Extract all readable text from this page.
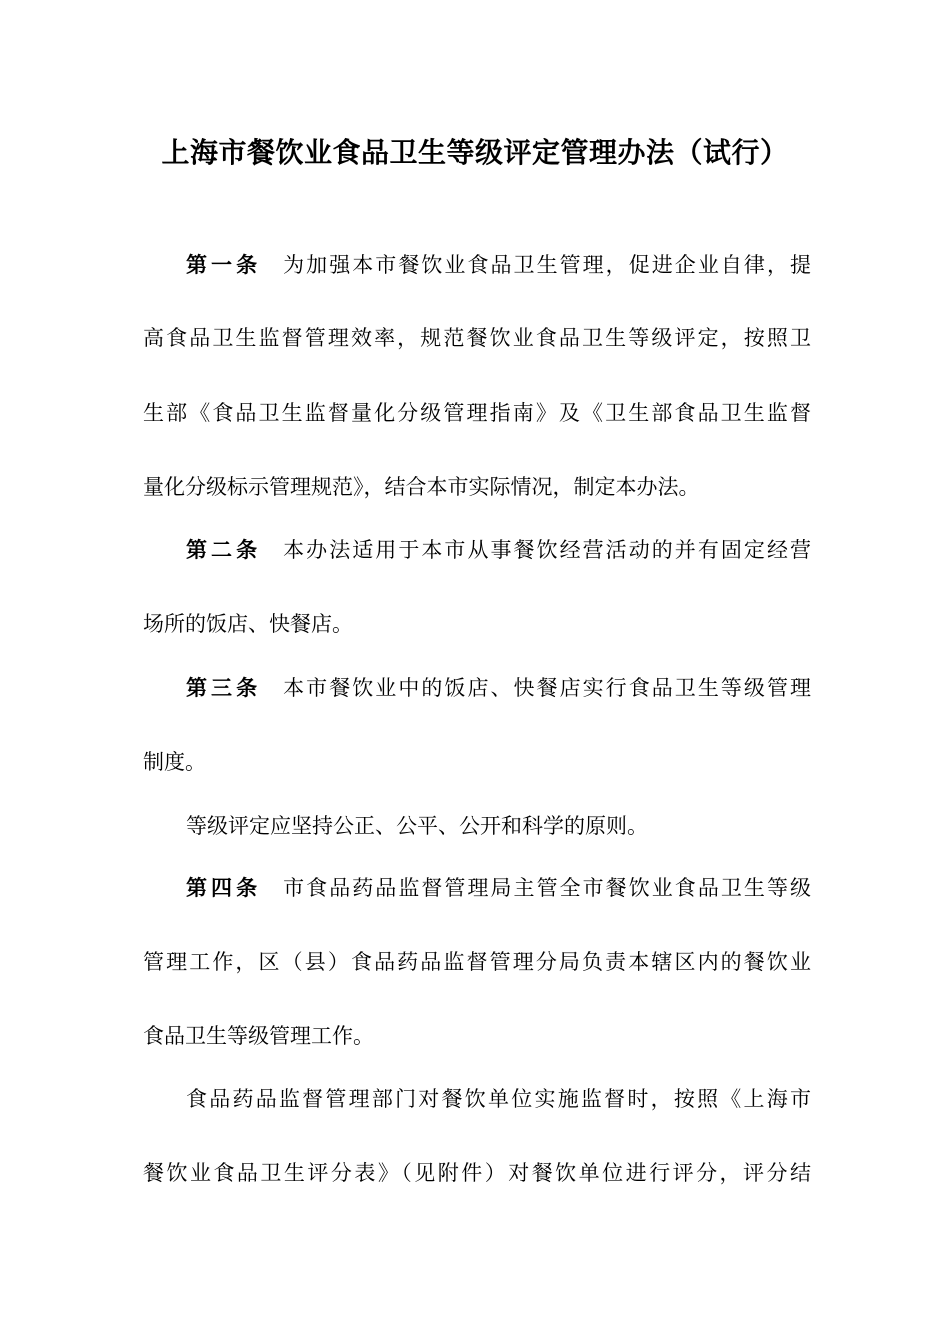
上海市餐饮业食品卫生等级评定管理办法（试行）

第一条 为加强本市餐饮业食品卫生管理，促进企业自律，提

高食品卫生监督管理效率，规范餐饮业食品卫生等级评定，按照卫

生部《食品卫生监督量化分级管理指南》及《卫生部食品卫生监督

量化分级标示管理规范》，结合本市实际情况，制定本办法。

第二条 本办法适用于本市从事餐饮经营活动的并有固定经营

场所的饭店、快餐店。

第三条 本市餐饮业中的饭店、快餐店实行食品卫生等级管理

制度。

等级评定应坚持公正、公平、公开和科学的原则。

第四条 市食品药品监督管理局主管全市餐饮业食品卫生等级

管理工作，区（县）食品药品监督管理分局负责本辖区内的餐饮业

食品卫生等级管理工作。

食品药品监督管理部门对餐饮单位实施监督时，按照《上海市

餐饮业食品卫生评分表》（见附件）对餐饮单位进行评分，评分结
